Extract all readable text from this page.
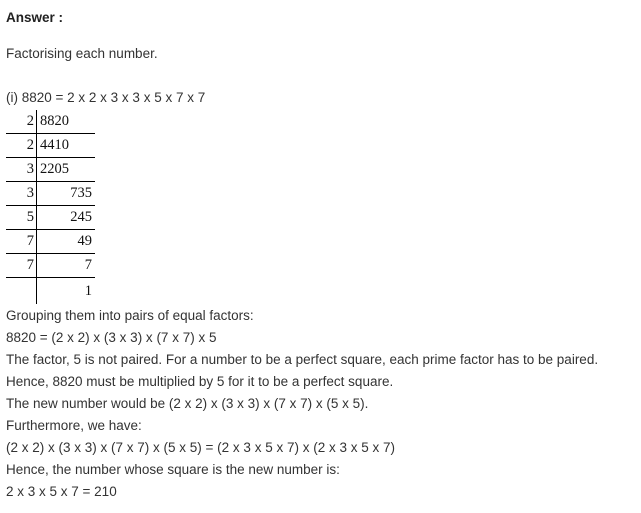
Answer :
Factorising each number.
(i) 8820 = 2 x 2 x 3 x 3 x 5 x 7 x 7
2	8820
2	4410
3	2205
3	735
5	245
7	49
7	7
	1
Grouping them into pairs of equal factors:
8820 = (2 x 2) x (3 x 3) x (7 x 7) x 5
The factor, 5 is not paired. For a number to be a perfect square, each prime factor has to be paired.
Hence, 8820 must be multiplied by 5 for it to be a perfect square.
The new number would be (2 x 2) x (3 x 3) x (7 x 7) x (5 x 5).
Furthermore, we have:
(2 x 2) x (3 x 3) x (7 x 7) x (5 x 5) = (2 x 3 x 5 x 7) x (2 x 3 x 5 x 7)
Hence, the number whose square is the new number is:
2 x 3 x 5 x 7 = 210
